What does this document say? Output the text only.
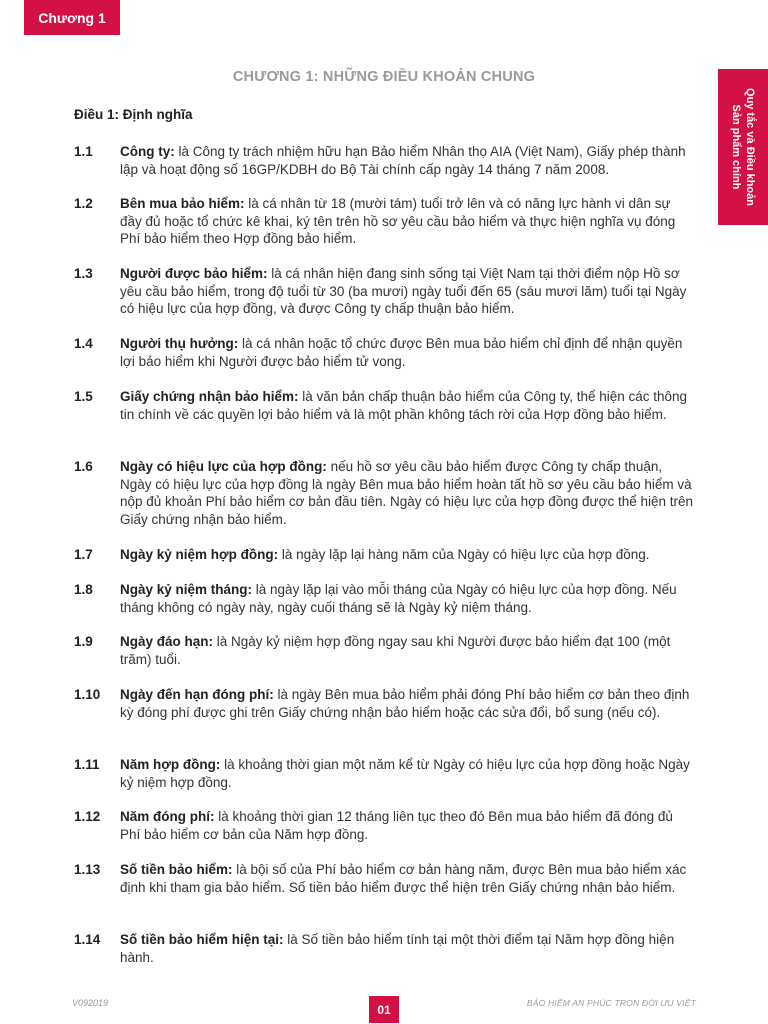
Chương 1
Quy tắc và Điều khoản
Sản phẩm chính
CHƯƠNG 1: NHỮNG ĐIỀU KHOẢN CHUNG
Điều 1: Định nghĩa
1.1 Công ty: là Công ty trách nhiệm hữu hạn Bảo hiểm Nhân thọ AIA (Việt Nam), Giấy phép thành lập và hoạt động số 16GP/KDBH do Bộ Tài chính cấp ngày 14 tháng 7 năm 2008.
1.2 Bên mua bảo hiểm: là cá nhân từ 18 (mười tám) tuổi trở lên và có năng lực hành vi dân sự đầy đủ hoặc tổ chức kê khai, ký tên trên hồ sơ yêu cầu bảo hiểm và thực hiện nghĩa vụ đóng Phí bảo hiểm theo Hợp đồng bảo hiểm.
1.3 Người được bảo hiểm: là cá nhân hiện đang sinh sống tại Việt Nam tại thời điểm nộp Hồ sơ yêu cầu bảo hiểm, trong độ tuổi từ 30 (ba mươi) ngày tuổi đến 65 (sáu mươi lăm) tuổi tại Ngày có hiệu lực của hợp đồng, và được Công ty chấp thuận bảo hiểm.
1.4 Người thụ hưởng: là cá nhân hoặc tổ chức được Bên mua bảo hiểm chỉ định để nhận quyền lợi bảo hiểm khi Người được bảo hiểm tử vong.
1.5 Giấy chứng nhận bảo hiểm: là văn bản chấp thuận bảo hiểm của Công ty, thể hiện các thông tin chính về các quyền lợi bảo hiểm và là một phần không tách rời của Hợp đồng bảo hiểm.
1.6 Ngày có hiệu lực của hợp đồng: nếu hồ sơ yêu cầu bảo hiểm được Công ty chấp thuận, Ngày có hiệu lực của hợp đồng là ngày Bên mua bảo hiểm hoàn tất hồ sơ yêu cầu bảo hiểm và nộp đủ khoản Phí bảo hiểm cơ bản đầu tiên. Ngày có hiệu lực của hợp đồng được thể hiện trên Giấy chứng nhận bảo hiểm.
1.7 Ngày kỷ niệm hợp đồng: là ngày lặp lại hàng năm của Ngày có hiệu lực của hợp đồng.
1.8 Ngày kỷ niệm tháng: là ngày lặp lại vào mỗi tháng của Ngày có hiệu lực của hợp đồng. Nếu tháng không có ngày này, ngày cuối tháng sẽ là Ngày kỷ niệm tháng.
1.9 Ngày đáo hạn: là Ngày kỷ niệm hợp đồng ngay sau khi Người được bảo hiểm đạt 100 (một trăm) tuổi.
1.10 Ngày đến hạn đóng phí: là ngày Bên mua bảo hiểm phải đóng Phí bảo hiểm cơ bản theo định kỳ đóng phí được ghi trên Giấy chứng nhận bảo hiểm hoặc các sửa đổi, bổ sung (nếu có).
1.11 Năm hợp đồng: là khoảng thời gian một năm kể từ Ngày có hiệu lực của hợp đồng hoặc Ngày kỷ niệm hợp đồng.
1.12 Năm đóng phí: là khoảng thời gian 12 tháng liên tục theo đó Bên mua bảo hiểm đã đóng đủ Phí bảo hiểm cơ bản của Năm hợp đồng.
1.13 Số tiền bảo hiểm: là bội số của Phí bảo hiểm cơ bản hàng năm, được Bên mua bảo hiểm xác định khi tham gia bảo hiểm. Số tiền bảo hiểm được thể hiện trên Giấy chứng nhận bảo hiểm.
1.14 Số tiền bảo hiểm hiện tại: là Số tiền bảo hiểm tính tại một thời điểm tại Năm hợp đồng hiện hành.
V092019	01	BẢO HIỂM AN PHÚC TRỌN ĐỜI ƯU VIỆT
